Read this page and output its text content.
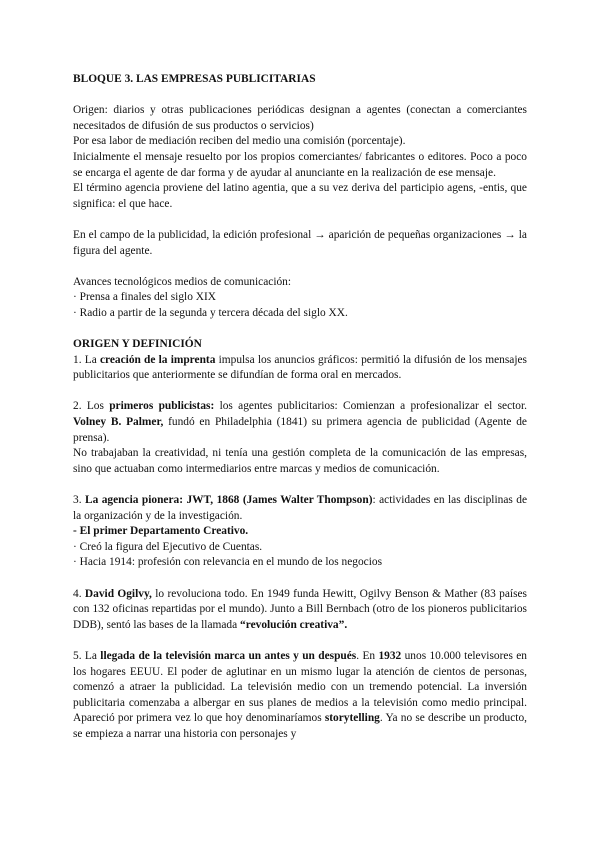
BLOQUE 3. LAS EMPRESAS PUBLICITARIAS

Origen: diarios y otras publicaciones periódicas designan a agentes (conectan a comerciantes necesitados de difusión de sus productos o servicios)

Por esa labor de mediación reciben del medio una comisión (porcentaje).

Inicialmente el mensaje resuelto por los propios comerciantes/ fabricantes o editores. Poco a poco se encarga el agente de dar forma y de ayudar al anunciante en la realización de ese mensaje.

El término agencia proviene del latino agentia, que a su vez deriva del participio agens, -entis, que significa: el que hace.

En el campo de la publicidad, la edición profesional → aparición de pequeñas organizaciones → la figura del agente.

Avances tecnológicos medios de comunicación:

· Prensa a finales del siglo XIX

· Radio a partir de la segunda y tercera década del siglo XX.

ORIGEN Y DEFINICIÓN

1. La creación de la imprenta impulsa los anuncios gráficos: permitió la difusión de los mensajes publicitarios que anteriormente se difundían de forma oral en mercados.

2. Los primeros publicistas: los agentes publicitarios: Comienzan a profesionalizar el sector. Volney B. Palmer, fundó en Philadelphia (1841) su primera agencia de publicidad (Agente de prensa).

No trabajaban la creatividad, ni tenía una gestión completa de la comunicación de las empresas, sino que actuaban como intermediarios entre marcas y medios de comunicación.

3. La agencia pionera: JWT, 1868 (James Walter Thompson): actividades en las disciplinas de la organización y de la investigación.

- El primer Departamento Creativo.

· Creó la figura del Ejecutivo de Cuentas.

· Hacia 1914: profesión con relevancia en el mundo de los negocios

4. David Ogilvy, lo revoluciona todo. En 1949 funda Hewitt, Ogilvy Benson & Mather (83 países con 132 oficinas repartidas por el mundo). Junto a Bill Bernbach (otro de los pioneros publicitarios DDB), sentó las bases de la llamada “revolución creativa”.

5. La llegada de la televisión marca un antes y un después. En 1932 unos 10.000 televisores en los hogares EEUU. El poder de aglutinar en un mismo lugar la atención de cientos de personas, comenzó a atraer la publicidad. La televisión medio con un tremendo potencial. La inversión publicitaria comenzaba a albergar en sus planes de medios a la televisión como medio principal. Apareció por primera vez lo que hoy denominaríamos storytelling. Ya no se describe un producto, se empieza a narrar una historia con personajes y
